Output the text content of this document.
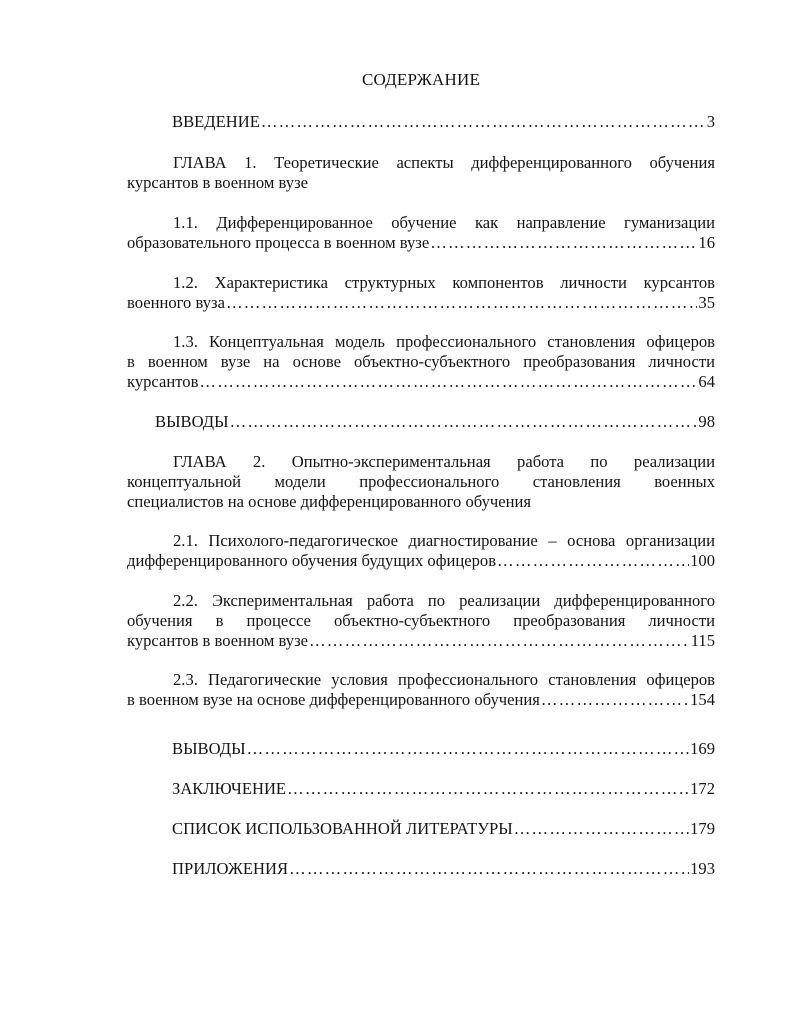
СОДЕРЖАНИЕ
ВВЕДЕНИЕ ………………………………………………………………………………………………………………………………………………………………………………	3
ГЛАВА 1. Теоретические аспекты дифференцированного обучения
курсантов в военном вузе
1.1. Дифференцированное обучение как направление гуманизации
образовательного процесса в военном вузе ………………………………………………………………………………………………………………………………………………………………………………	16
1.2. Характеристика структурных компонентов личности курсантов
военного вуза ………………………………………………………………………………………………………………………………………………………………………………	35
1.3. Концептуальная модель профессионального становления офицеров
в военном вузе на основе объектно-субъектного преобразования личности
курсантов ………………………………………………………………………………………………………………………………………………………………………………	64
ВЫВОДЫ ………………………………………………………………………………………………………………………………………………………………………………	98
ГЛАВА 2. Опытно-экспериментальная работа по реализации
концептуальной модели профессионального становления военных
специалистов на основе дифференцированного обучения
2.1. Психолого-педагогическое диагностирование – основа организации
дифференцированного обучения будущих офицеров ………………………………………………………………………………………………………………………………………………………………………………	100
2.2. Экспериментальная работа по реализации дифференцированного
обучения в процессе объектно-субъектного преобразования личности
курсантов в военном вузе ………………………………………………………………………………………………………………………………………………………………………………	115
2.3. Педагогические условия профессионального становления офицеров
в военном вузе на основе дифференцированного обучения ………………………………………………………………………………………………………………………………………………………………………………	154
ВЫВОДЫ ………………………………………………………………………………………………………………………………………………………………………………	169
ЗАКЛЮЧЕНИЕ ………………………………………………………………………………………………………………………………………………………………………………	172
СПИСОК ИСПОЛЬЗОВАННОЙ ЛИТЕРАТУРЫ ………………………………………………………………………………………………………………………………………………………………………………	179
ПРИЛОЖЕНИЯ ………………………………………………………………………………………………………………………………………………………………………………	193
